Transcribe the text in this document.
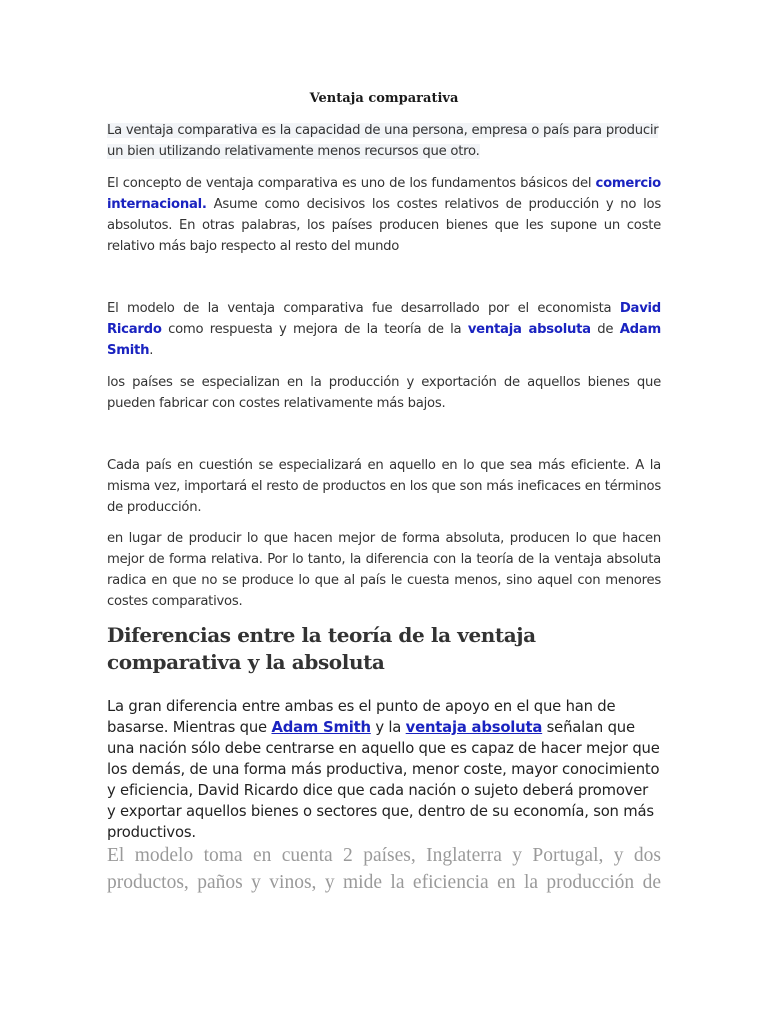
Ventaja comparativa

La ventaja comparativa es la capacidad de una persona, empresa o país para producir un bien utilizando relativamente menos recursos que otro.

El concepto de ventaja comparativa es uno de los fundamentos básicos del comercio internacional. Asume como decisivos los costes relativos de producción y no los absolutos. En otras palabras, los países producen bienes que les supone un coste relativo más bajo respecto al resto del mundo

El modelo de la ventaja comparativa fue desarrollado por el economista David Ricardo como respuesta y mejora de la teoría de la ventaja absoluta de Adam Smith.

los países se especializan en la producción y exportación de aquellos bienes que pueden fabricar con costes relativamente más bajos.

Cada país en cuestión se especializará en aquello en lo que sea más eficiente. A la misma vez, importará el resto de productos en los que son más ineficaces en términos de producción.

en lugar de producir lo que hacen mejor de forma absoluta, producen lo que hacen mejor de forma relativa. Por lo tanto, la diferencia con la teoría de la ventaja absoluta radica en que no se produce lo que al país le cuesta menos, sino aquel con menores costes comparativos.

Diferencias entre la teoría de la ventaja comparativa y la absoluta

La gran diferencia entre ambas es el punto de apoyo en el que han de basarse. Mientras que Adam Smith y la ventaja absoluta señalan que una nación sólo debe centrarse en aquello que es capaz de hacer mejor que los demás, de una forma más productiva, menor coste, mayor conocimiento y eficiencia, David Ricardo dice que cada nación o sujeto deberá promover y exportar aquellos bienes o sectores que, dentro de su economía, son más productivos.

El modelo toma en cuenta 2 países, Inglaterra y Portugal, y dos productos, paños y vinos, y mide la eficiencia en la producción de
